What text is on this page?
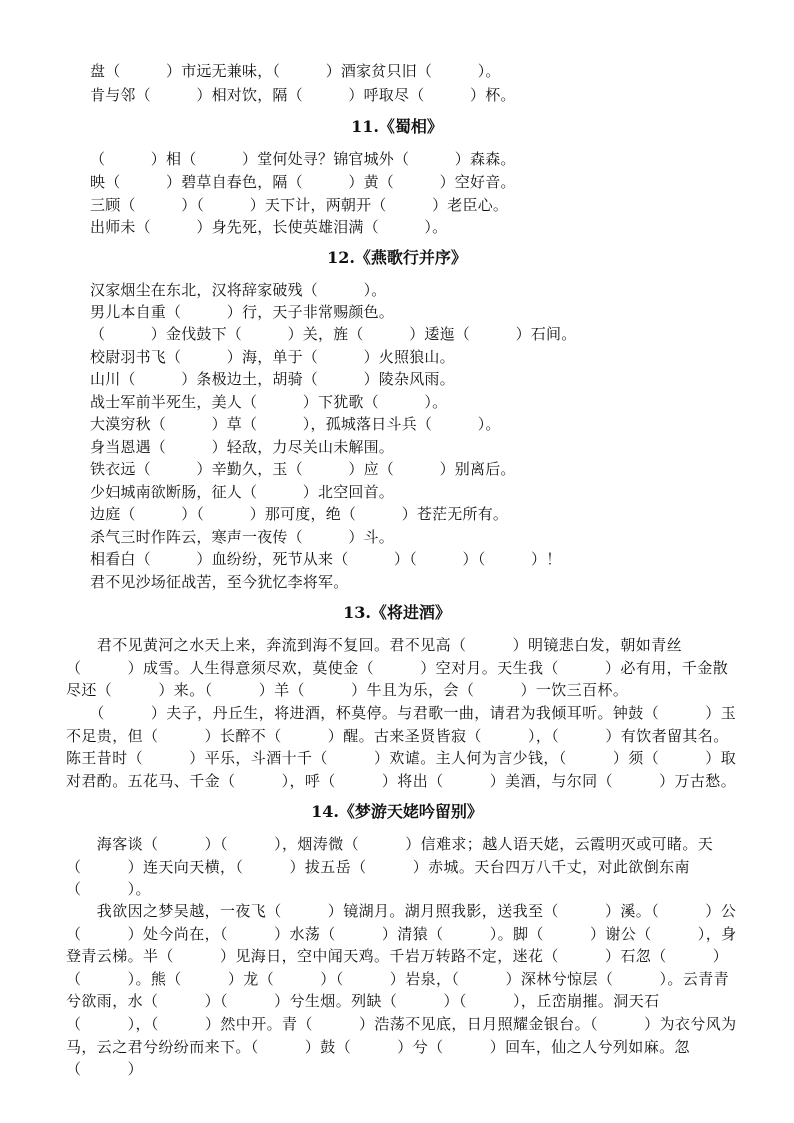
盘（　　　）市远无兼味，（　　　）酒家贫只旧（　　　）。
肯与邻（　　　）相对饮，隔（　　　）呼取尽（　　　）杯。
11.《蜀相》
（　　　）相（　　　）堂何处寻？锦官城外（　　　）森森。
映（　　　）碧草自春色，隔（　　　）黄（　　　）空好音。
三顾（　　　）（　　　）天下计，两朝开（　　　）老臣心。
出师未（　　　）身先死，长使英雄泪满（　　　）。
12.《燕歌行并序》
汉家烟尘在东北，汉将辞家破残（　　　）。
男儿本自重（　　　）行，天子非常赐颜色。
（　　　）金伐鼓下（　　　）关，旌（　　　）逶迤（　　　）石间。
校尉羽书飞（　　　）海，单于（　　　）火照狼山。
山川（　　　）条极边土，胡骑（　　　）陵杂风雨。
战士军前半死生，美人（　　　）下犹歌（　　　）。
大漠穷秋（　　　）草（　　　），孤城落日斗兵（　　　）。
身当恩遇（　　　）轻敌，力尽关山未解围。
铁衣远（　　　）辛勤久，玉（　　　）应（　　　）别离后。
少妇城南欲断肠，征人（　　　）北空回首。
边庭（　　　）（　　　）那可度，绝（　　　）苍茫无所有。
杀气三时作阵云，寒声一夜传（　　　）斗。
相看白（　　　）血纷纷，死节从来（　　　）（　　　）（　　　）！
君不见沙场征战苦，至今犹忆李将军。
13.《将进酒》
　　君不见黄河之水天上来，奔流到海不复回。君不见高（　　　）明镜悲白发，朝如青丝（　　　）成雪。人生得意须尽欢，莫使金（　　　）空对月。天生我（　　　）必有用，千金散尽还（　　　）来。（　　　）羊（　　　）牛且为乐，会（　　　）一饮三百杯。
　　（　　　）夫子，丹丘生，将进酒，杯莫停。与君歌一曲，请君为我倾耳听。钟鼓（　　　）玉不足贵，但（　　　）长醉不（　　　）醒。古来圣贤皆寂（　　　），（　　　）有饮者留其名。陈王昔时（　　　）平乐，斗酒十千（　　　）欢谑。主人何为言少钱，（　　　）须（　　　）取对君酌。五花马、千金（　　　），呼（　　　）将出（　　　）美酒，与尔同（　　　）万古愁。
14.《梦游天姥吟留别》
　　海客谈（　　　）（　　　），烟涛微（　　　）信难求；越人语天姥，云霞明灭或可睹。天（　　　）连天向天横，（　　　）拔五岳（　　　）赤城。天台四万八千丈，对此欲倒东南（　　　）。
　　我欲因之梦吴越，一夜飞（　　　）镜湖月。湖月照我影，送我至（　　　）溪。（　　　）公（　　　）处今尚在，（　　　）水荡（　　　）清猿（　　　）。脚（　　　）谢公（　　　），身登青云梯。半（　　　）见海日，空中闻天鸡。千岩万转路不定，迷花（　　　）石忽（　　　）（　　　）。熊（　　　）龙（　　　）（　　　）岩泉，（　　　）深林兮惊层（　　　）。云青青兮欲雨，水（　　　）（　　　）兮生烟。列缺（　　　）（　　　），丘峦崩摧。洞天石（　　　），（　　　）然中开。青（　　　）浩荡不见底，日月照耀金银台。（　　　）为衣兮风为马，云之君兮纷纷而来下。（　　　）鼓（　　　）兮（　　　）回车，仙之人兮列如麻。忽（　　　）
